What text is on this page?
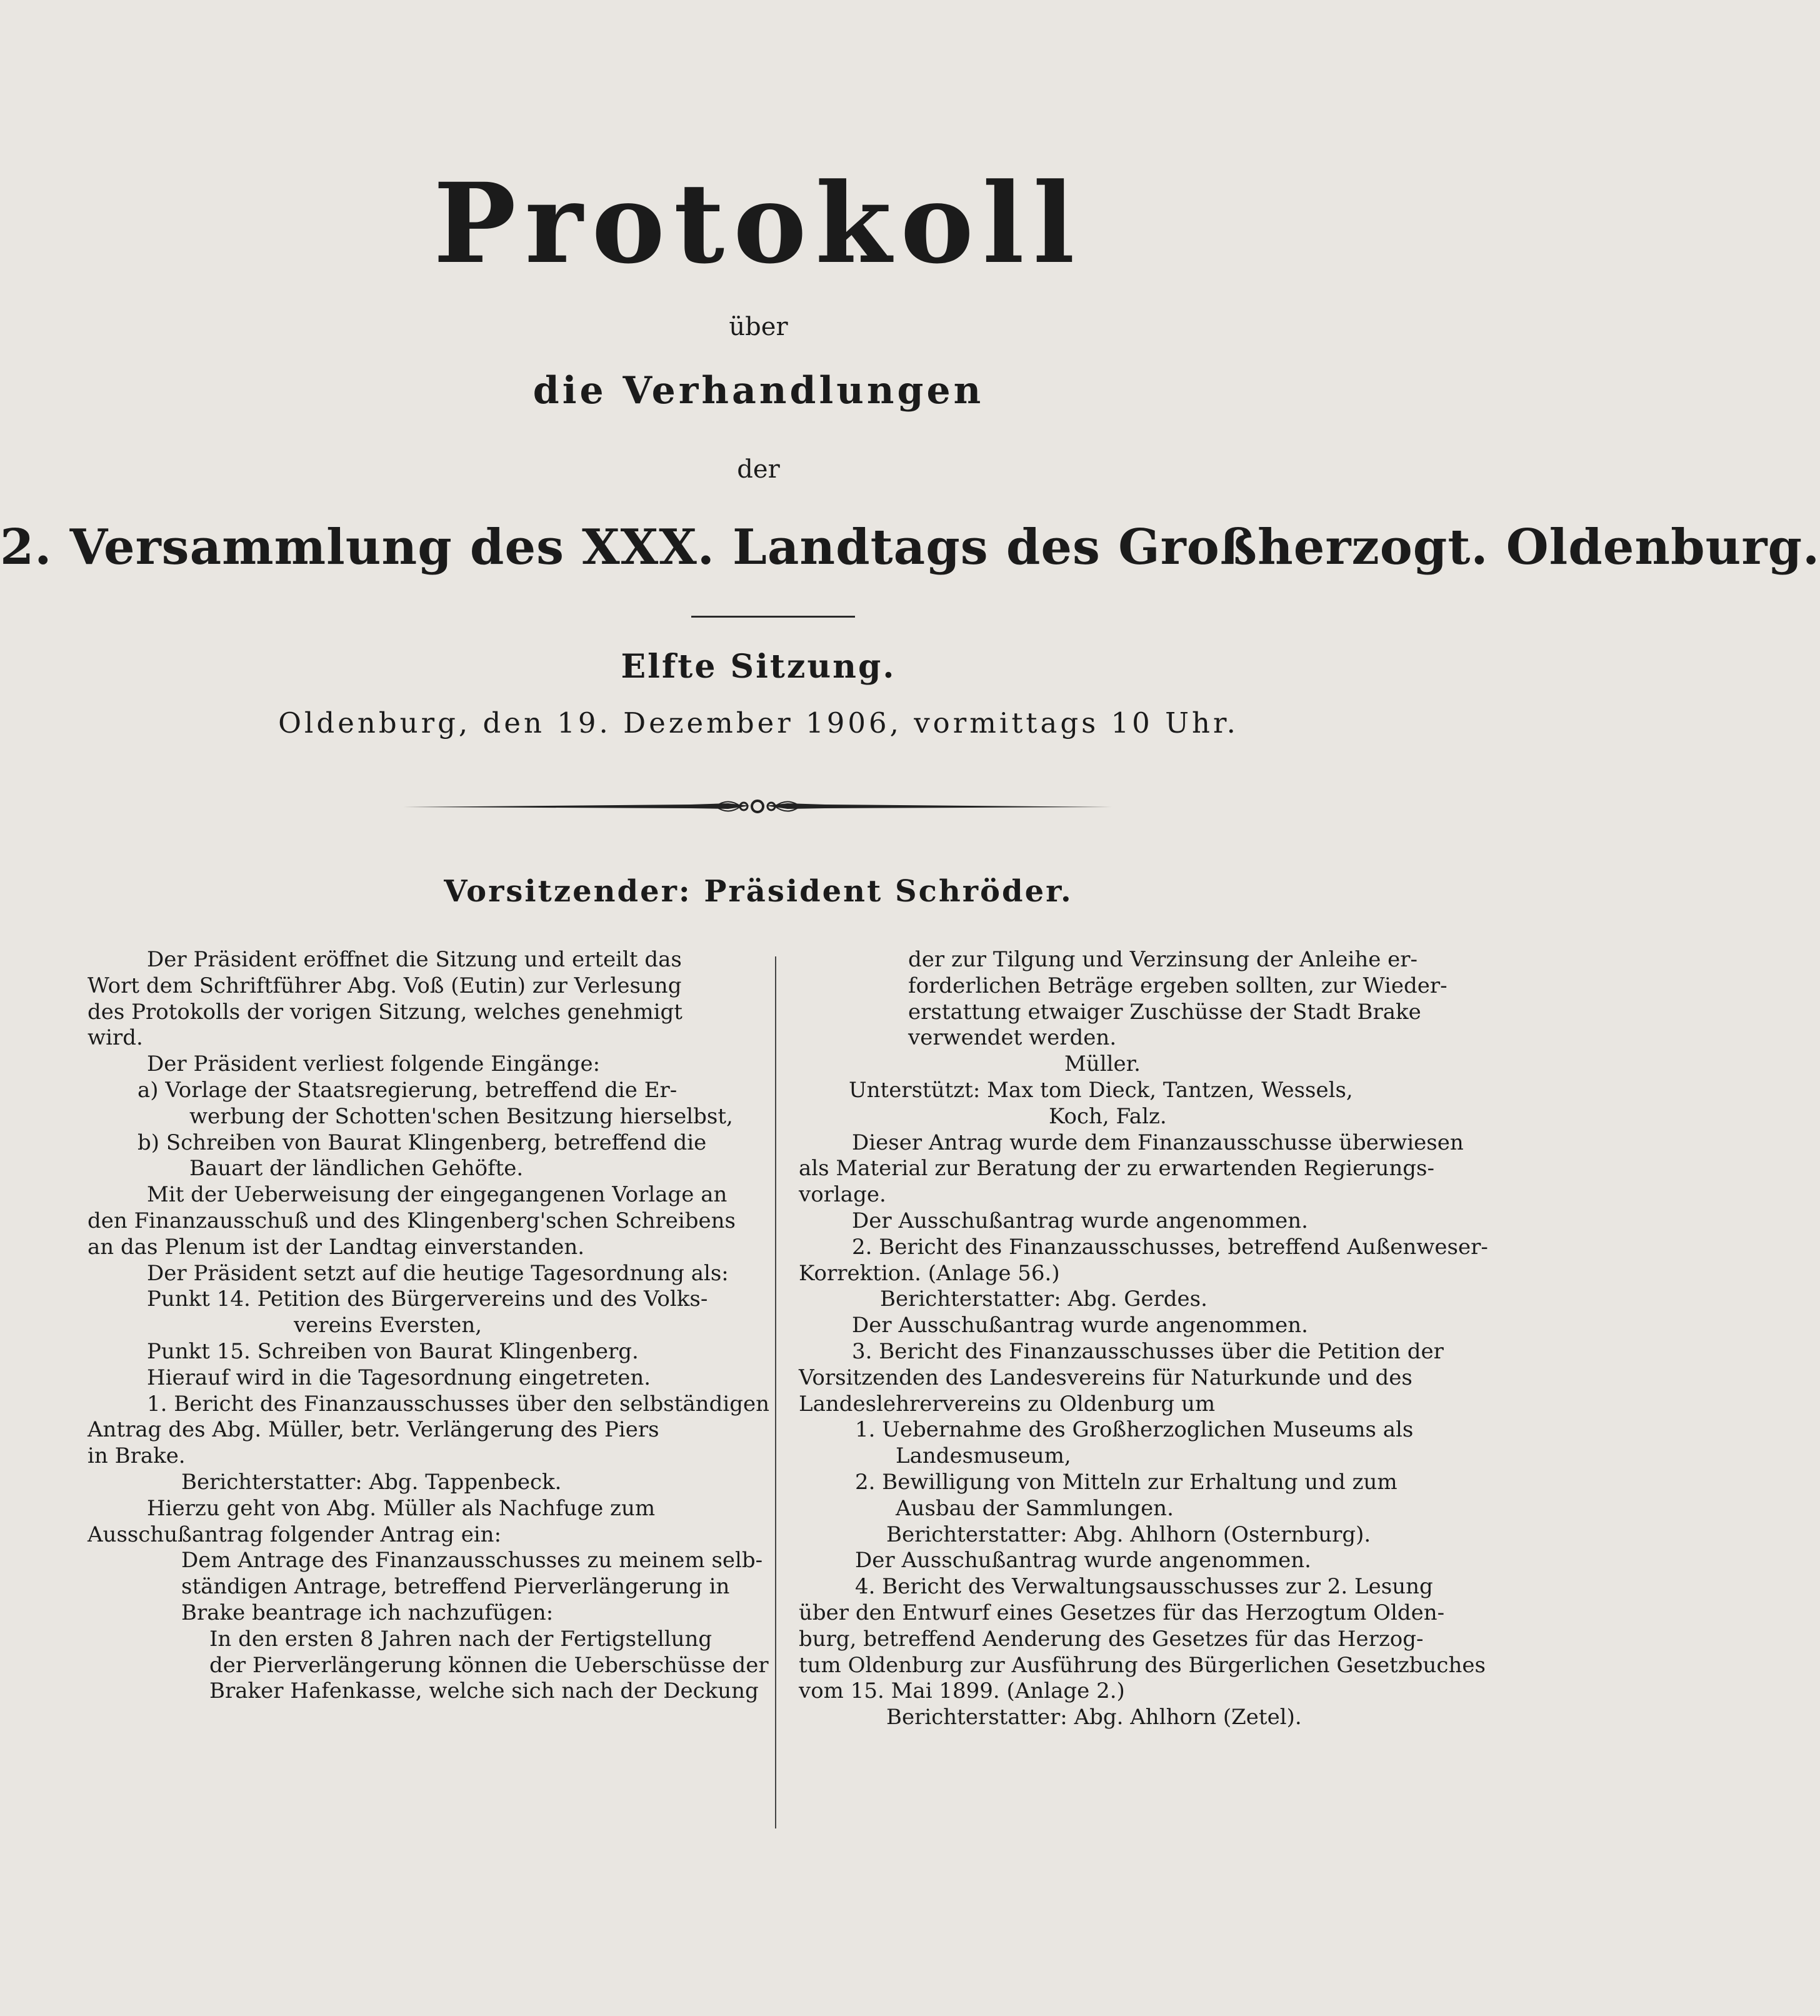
Protokoll
über
die Verhandlungen
der
2. Versammlung des XXX. Landtags des Großherzogt. Oldenburg.
Elfte Sitzung.
Oldenburg, den 19. Dezember 1906, vormittags 10 Uhr.
Vorsitzender: Präsident Schröder.
Der Präsident eröffnet die Sitzung und erteilt das
Wort dem Schriftführer Abg. Voß (Eutin) zur Verlesung
des Protokolls der vorigen Sitzung, welches genehmigt
wird.
Der Präsident verliest folgende Eingänge:
a) Vorlage der Staatsregierung, betreffend die Er-
werbung der Schotten'schen Besitzung hierselbst,
b) Schreiben von Baurat Klingenberg, betreffend die
Bauart der ländlichen Gehöfte.
Mit der Ueberweisung der eingegangenen Vorlage an
den Finanzausschuß und des Klingenberg'schen Schreibens
an das Plenum ist der Landtag einverstanden.
Der Präsident setzt auf die heutige Tagesordnung als:
Punkt 14. Petition des Bürgervereins und des Volks-
vereins Eversten,
Punkt 15. Schreiben von Baurat Klingenberg.
Hierauf wird in die Tagesordnung eingetreten.
1. Bericht des Finanzausschusses über den selbständigen
Antrag des Abg. Müller, betr. Verlängerung des Piers
in Brake.
Berichterstatter: Abg. Tappenbeck.
Hierzu geht von Abg. Müller als Nachfuge zum
Ausschußantrag folgender Antrag ein:
Dem Antrage des Finanzausschusses zu meinem selb-
ständigen Antrage, betreffend Pierverlängerung in
Brake beantrage ich nachzufügen:
In den ersten 8 Jahren nach der Fertigstellung
der Pierverlängerung können die Ueberschüsse der
Braker Hafenkasse, welche sich nach der Deckung
der zur Tilgung und Verzinsung der Anleihe er-
forderlichen Beträge ergeben sollten, zur Wieder-
erstattung etwaiger Zuschüsse der Stadt Brake
verwendet werden.
Müller.
Unterstützt: Max tom Dieck, Tantzen, Wessels,
Koch, Falz.
Dieser Antrag wurde dem Finanzausschusse überwiesen
als Material zur Beratung der zu erwartenden Regierungs-
vorlage.
Der Ausschußantrag wurde angenommen.
2. Bericht des Finanzausschusses, betreffend Außenweser-
Korrektion. (Anlage 56.)
Berichterstatter: Abg. Gerdes.
Der Ausschußantrag wurde angenommen.
3. Bericht des Finanzausschusses über die Petition der
Vorsitzenden des Landesvereins für Naturkunde und des
Landeslehrervereins zu Oldenburg um
1. Uebernahme des Großherzoglichen Museums als
Landesmuseum,
2. Bewilligung von Mitteln zur Erhaltung und zum
Ausbau der Sammlungen.
Berichterstatter: Abg. Ahlhorn (Osternburg).
Der Ausschußantrag wurde angenommen.
4. Bericht des Verwaltungsausschusses zur 2. Lesung
über den Entwurf eines Gesetzes für das Herzogtum Olden-
burg, betreffend Aenderung des Gesetzes für das Herzog-
tum Oldenburg zur Ausführung des Bürgerlichen Gesetzbuches
vom 15. Mai 1899. (Anlage 2.)
Berichterstatter: Abg. Ahlhorn (Zetel).
